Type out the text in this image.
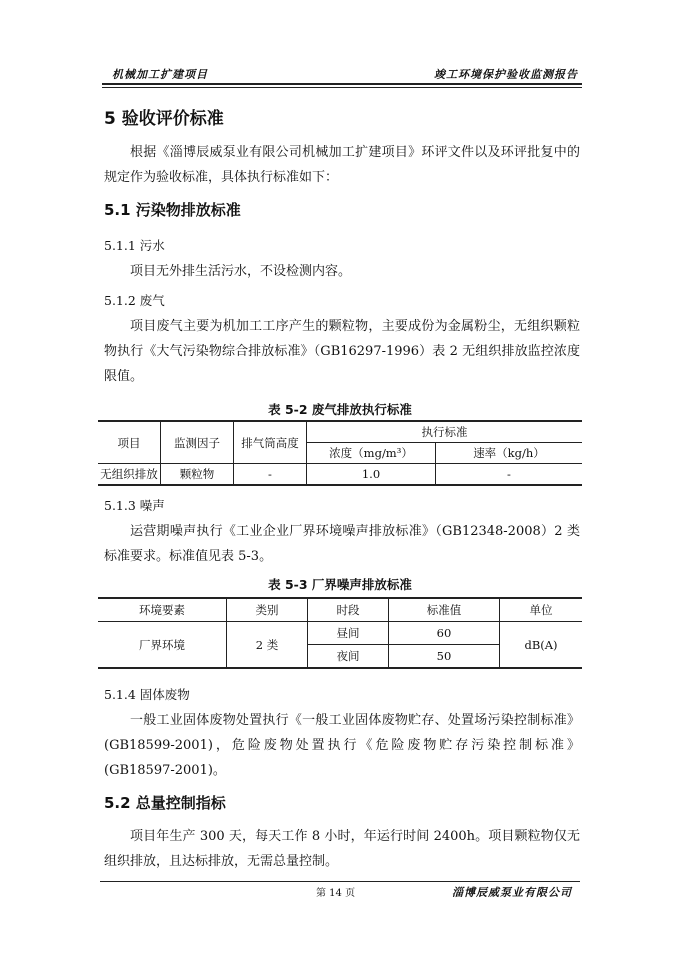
机械加工扩建项目	竣工环境保护验收监测报告
5 验收评价标准
根据《淄博辰威泵业有限公司机械加工扩建项目》环评文件以及环评批复中的规定作为验收标准，具体执行标准如下：
5.1 污染物排放标准
5.1.1 污水
项目无外排生活污水，不设检测内容。
5.1.2 废气
项目废气主要为机加工工序产生的颗粒物，主要成份为金属粉尘，无组织颗粒物执行《大气污染物综合排放标准》（GB16297-1996）表 2 无组织排放监控浓度限值。
表 5-2 废气排放执行标准
项目	监测因子	排气筒高度	执行标准	
			浓度（mg/m³）	速率（kg/h）
无组织排放	颗粒物	-	1.0	-
5.1.3 噪声
运营期噪声执行《工业企业厂界环境噪声排放标准》（GB12348-2008）2 类标准要求。标准值见表 5-3。
表 5-3 厂界噪声排放标准
环境要素	类别	时段	标准值	单位
厂界环境	2 类	昼间	60	dB(A)
		夜间	50	
5.1.4 固体废物
一般工业固体废物处置执行《一般工业固体废物贮存、处置场污染控制标准》(GB18599-2001)，危险废物处置执行《危险废物贮存污染控制标准》(GB18597-2001)。
5.2 总量控制指标
项目年生产 300 天，每天工作 8 小时，年运行时间 2400h。项目颗粒物仅无组织排放，且达标排放，无需总量控制。
第 14 页	淄博辰威泵业有限公司
